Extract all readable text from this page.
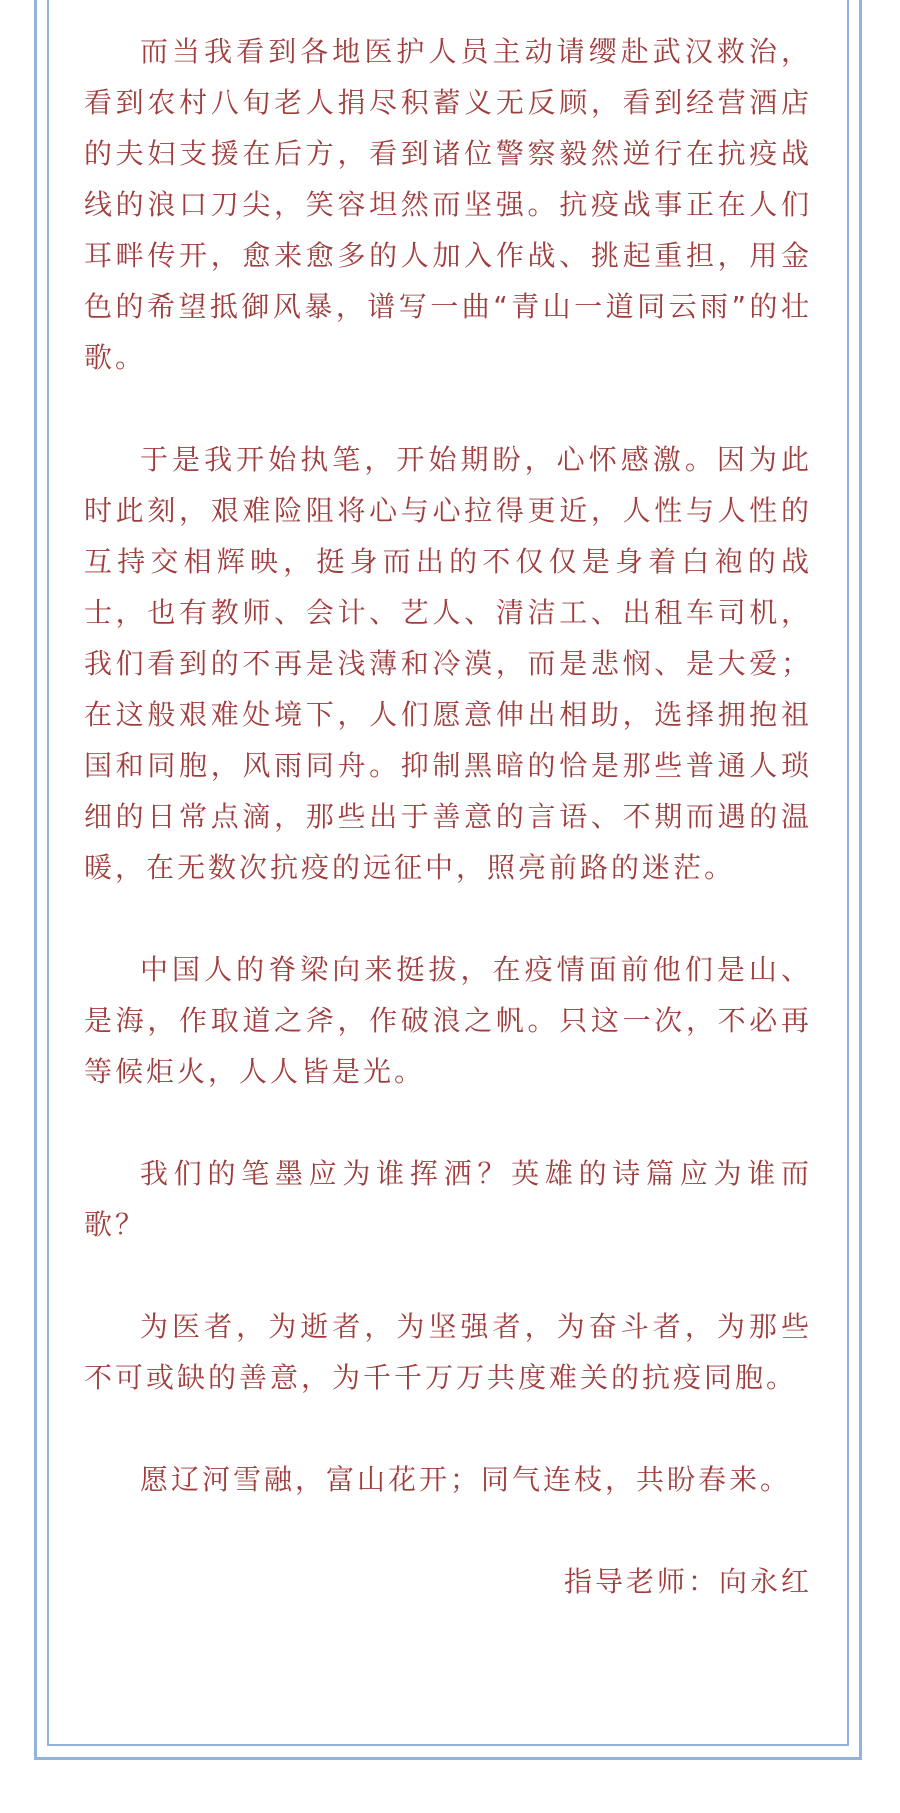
而当我看到各地医护人员主动请缨赴武汉救治，看到农村八旬老人捐尽积蓄义无反顾，看到经营酒店的夫妇支援在后方，看到诸位警察毅然逆行在抗疫战线的浪口刀尖，笑容坦然而坚强。抗疫战事正在人们耳畔传开，愈来愈多的人加入作战、挑起重担，用金色的希望抵御风暴，谱写一曲“青山一道同云雨”的壮歌。

于是我开始执笔，开始期盼，心怀感激。因为此时此刻，艰难险阻将心与心拉得更近，人性与人性的互持交相辉映，挺身而出的不仅仅是身着白袍的战士，也有教师、会计、艺人、清洁工、出租车司机，我们看到的不再是浅薄和冷漠，而是悲悯、是大爱；在这般艰难处境下，人们愿意伸出相助，选择拥抱祖国和同胞，风雨同舟。抑制黑暗的恰是那些普通人琐细的日常点滴，那些出于善意的言语、不期而遇的温暖，在无数次抗疫的远征中，照亮前路的迷茫。

中国人的脊梁向来挺拔，在疫情面前他们是山、是海，作取道之斧，作破浪之帆。只这一次，不必再等候炬火，人人皆是光。

我们的笔墨应为谁挥洒？英雄的诗篇应为谁而歌？

为医者，为逝者，为坚强者，为奋斗者，为那些不可或缺的善意，为千千万万共度难关的抗疫同胞。

愿辽河雪融，富山花开；同气连枝，共盼春来。

指导老师：向永红
